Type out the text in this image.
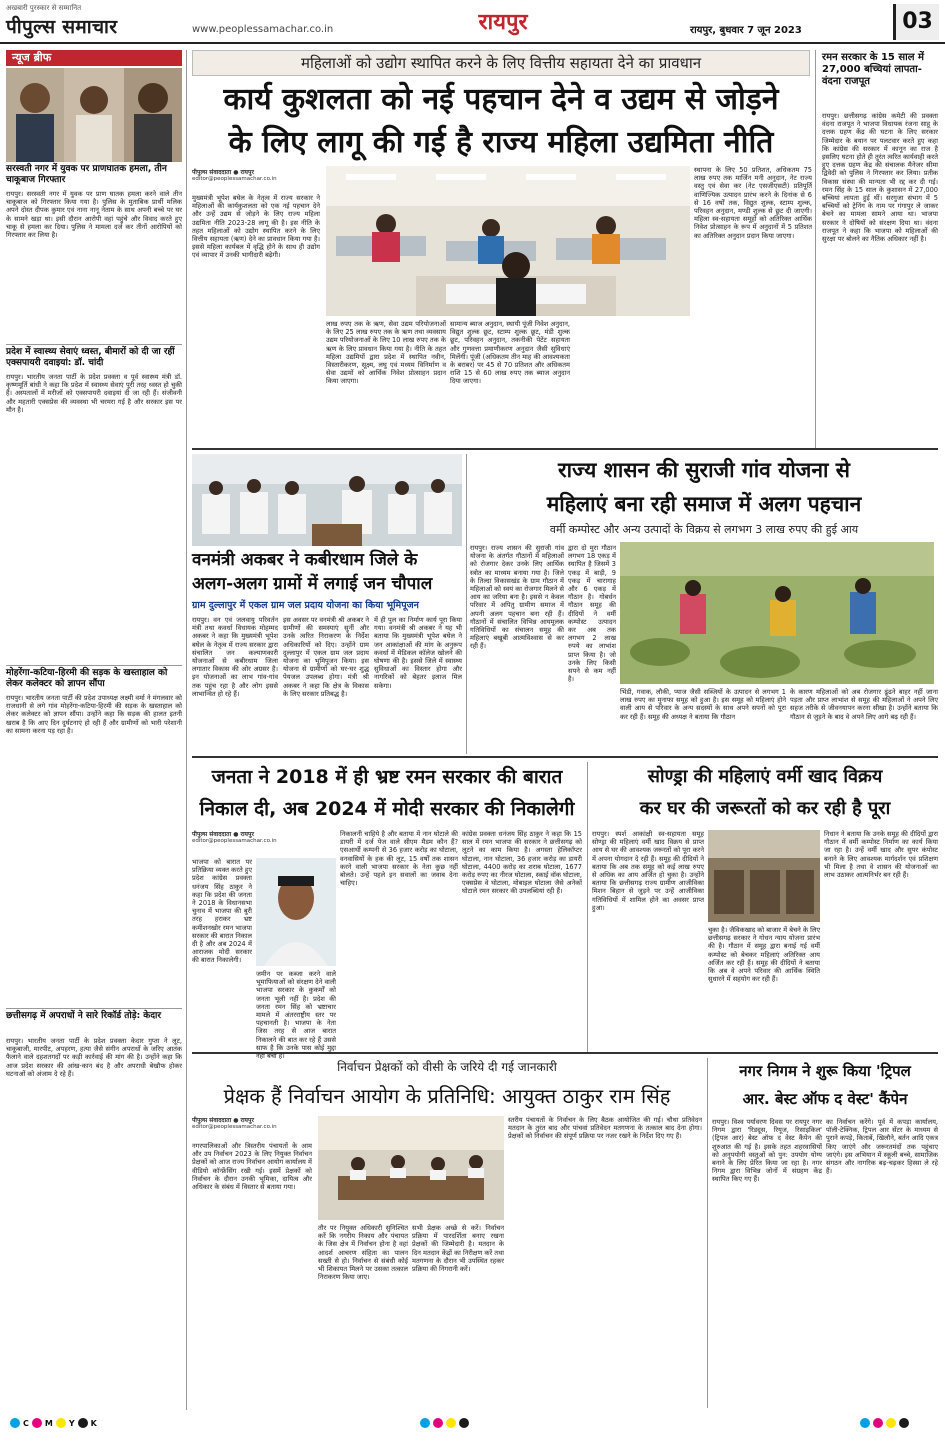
अखबारी पुरस्कार से सम्मानित
पीपुल्स समाचार	www.peoplessamachar.co.in	रायपुर	रायपुर, बुधवार 7 जून 2023	03
न्यूज ब्रीफ
सरस्वती नगर में युवक पर प्राणघातक हमला, तीन चाकूबाज गिरफ्तार
रायपुर। सरस्वती नगर में युवक पर प्राण घातक हमला करने वाले तीन चाकूबाज को गिरफ्तार किया गया है। पुलिस के मुताबिक प्रार्थी मलिक अपने दोस्त दीपक कुमार एवं नाना नानू नेताम के साथ अपनी बच्चे पर घर के सामने खड़ा था। इसी दौरान आरोपी वहां पहुंचे और विवाद करते हुए चाकू से हमला कर दिया। पुलिस ने मामला दर्ज कर तीनों आरोपियों को गिरफ्तार कर लिया है।
प्रदेश में स्वास्थ्य सेवाएं ध्वस्त, बीमारों को दी जा रहीं एक्सपायरी दवाइयां: डॉ. चांदी
रायपुर। भारतीय जनता पार्टी के प्रदेश प्रवक्ता व पूर्व स्वास्थ्य मंत्री डॉ. कृष्णमूर्ति बांधी ने कहा कि प्रदेश में स्वास्थ्य सेवाएं पूरी तरह ध्वस्त हो चुकी हैं। अस्पतालों में मरीजों को एक्सपायरी दवाइयां दी जा रही हैं। संजीवनी और महतारी एक्सप्रेस की व्यवस्था भी चरमरा गई है और सरकार इस पर मौन है।
मोहरेंगा-कटिया-हिरमी की सड़क के खस्ताहाल को लेकर कलेक्टर को ज्ञापन सौंपा
रायपुर। भारतीय जनता पार्टी की प्रदेश उपाध्यक्ष लक्ष्मी वर्मा ने मंगलवार को राजधानी से लगे गांव मोहरेंगा-कटिया-हिरमी की सड़क के खस्ताहाल को लेकर कलेक्टर को ज्ञापन सौंपा। उन्होंने कहा कि सड़क की हालत इतनी खराब है कि आए दिन दुर्घटनाएं हो रही हैं और ग्रामीणों को भारी परेशानी का सामना करना पड़ रहा है।
छत्तीसगढ़ में अपराधों ने सारे रिकॉर्ड तोड़े: केदार
रायपुर। भारतीय जनता पार्टी के प्रदेश प्रवक्ता केदार गुप्ता ने लूट, चाकूबाजी, मारपीट, अपहरण, हत्या जैसे संगीन अपराधों के जरिए आतंक फैलाने वाले दहशतगर्दों पर कड़ी कार्रवाई की मांग की है। उन्होंने कहा कि आज प्रदेश सरकार की आंख-कान बंद है और अपराधी बेखौफ होकर घटनाओं को अंजाम दे रहे हैं।
महिलाओं को उद्योग स्थापित करने के लिए वित्तीय सहायता देने का प्रावधान
कार्य कुशलता को नई पहचान देने व उद्यम से जोड़ने
के लिए लागू की गई है राज्य महिला उद्यमिता नीति
पीपुल्स संवाददाता ● रायपुर
editor@peoplessamachar.co.in
मुख्यमंत्री भूपेश बघेल के नेतृत्व में राज्य सरकार ने महिलाओं की कार्यकुशलता को एक नई पहचान देने और उन्हें उद्यम से जोड़ने के लिए राज्य महिला उद्यमिता नीति 2023-28 लागू की है। इस नीति के तहत महिलाओं को उद्योग स्थापित करने के लिए वित्तीय सहायता (ऋण) देने का प्रावधान किया गया है। इससे महिला कार्यबल में वृद्धि होने के साथ ही उद्योग एवं व्यापार में उनकी भागीदारी बढ़ेगी।
लाख रुपए तक के ऋण, सेवा उद्यम परियोजनाओं के लिए 25 लाख रुपए तक के ऋण तथा व्यवसाय उद्यम परियोजनाओं के लिए 10 लाख रुपए तक के ऋण के लिए प्रावधान किया गया है। नीति के तहत महिला उद्यमियों द्वारा प्रदेश में स्थापित नवीन, विस्तारीकरण, सूक्ष्म, लघु एवं मध्यम विनिर्माण व सेवा उद्यमों को आर्थिक निवेश प्रोत्साहन प्रदान किया जाएगा।
सामान्य ब्याज अनुदान, स्थायी पूंजी निवेश अनुदान, विद्युत शुल्क छूट, स्टाम्प शुल्क छूट, मंडी शुल्क छूट, परिवहन अनुदान, तकनीकी पेटेंट सहायता और गुणवत्ता प्रमाणीकरण अनुदान जैसी सुविधाएं मिलेंगी। पूंजी (अधिकतम तीन माह की आवश्यकता के बराबर) पर 45 से 70 प्रतिशत और अधिकतम राशि 15 से 60 लाख रुपए तक ब्याज अनुदान दिया जाएगा।
स्थापना के लिए 50 प्रतिशत, अधिकतम 75 लाख रुपए तक मार्जिन मनी अनुदान, नेट राज्य वस्तु एवं सेवा कर (नेट एसजीएसटी) प्रतिपूर्ति वाणिज्यिक उत्पादन प्रारंभ करने के दिनांक से 6 से 16 वर्षों तक, विद्युत शुल्क, स्टाम्प शुल्क, परिवहन अनुदान, मण्डी शुल्क से छूट दी जाएगी। महिला स्व-सहायता समूहों को अतिरिक्त आर्थिक निवेश प्रोत्साहन के रूप में अनुदानों में 5 प्रतिशत का अतिरिक्त अनुदान प्रदान किया जाएगा।
रमन सरकार के 15 साल में 27,000 बच्चियां लापता-वंदना राजपूत
रायपुर। छत्तीसगढ़ कांग्रेस कमेटी की प्रवक्ता वंदना राजपूत ने भाजपा विधायक रंजना साहू के दत्तक ग्रहण केंद्र की घटना के लिए सरकार जिम्मेदार के बयान पर पलटवार करते हुए कहा कि कांग्रेस की सरकार में कानून का राज है इसलिए घटना होते ही तुरंत त्वरित कार्यवाही करते हुए दत्तक ग्रहण केंद्र की संचालक मैनेजर सीमा द्विवेदी को पुलिस ने गिरफ्तार कर लिया। प्रतीक विकास संस्था की मान्यता भी रद्द कर दी गई। रमन सिंह के 15 साल के कुशासन में 27,000 बच्चियां लापता हुई थीं। सरगुजा संभाग में 5 बच्चियों को ट्रेनिंग के नाम पर गंगापुर ले जाकर बेचने का मामला सामने आया था। भाजपा सरकार ने दोषियों को संरक्षण दिया था। वंदना राजपूत ने कहा कि भाजपा को महिलाओं की सुरक्षा पर बोलने का नैतिक अधिकार नहीं है।
वनमंत्री अकबर ने कबीरधाम जिले के
अलग-अलग ग्रामों में लगाई जन चौपाल
ग्राम दुल्लापुर में एकल ग्राम जल प्रदाय योजना का किया भूमिपूजन
रायपुर। वन एवं जलवायु परिवर्तन मंत्री तथा कवर्धा विधायक मोहम्मद अकबर ने कहा कि मुख्यमंत्री भूपेश बघेल के नेतृत्व में राज्य सरकार द्वारा संचालित जन कल्याणकारी योजनाओं से कबीरधाम जिला लगातार विकास की ओर अग्रसर है। इन योजनाओं का लाभ गांव-गांव तक पहुंच रहा है और लोग इससे लाभान्वित हो रहे हैं।
इस अवसर पर वनमंत्री श्री अकबर ने ग्रामीणों की समस्याएं सुनीं और उनके त्वरित निराकरण के निर्देश अधिकारियों को दिए। उन्होंने ग्राम दुल्लापुर में एकल ग्राम जल प्रदाय योजना का भूमिपूजन किया। इस योजना से ग्रामीणों को घर-घर शुद्ध पेयजल उपलब्ध होगा। मंत्री श्री अकबर ने कहा कि क्षेत्र के विकास के लिए सरकार प्रतिबद्ध है।
में ही पुल का निर्माण कार्य पूरा किया गया। वनमंत्री श्री अकबर ने यह भी बताया कि मुख्यमंत्री भूपेश बघेल ने जन आकांक्षाओं की मांग के अनुरूप कवर्धा में मेडिकल कॉलेज खोलने की घोषणा की है। इससे जिले में स्वास्थ्य सुविधाओं का विस्तार होगा और नागरिकों को बेहतर इलाज मिल सकेगा।
राज्य शासन की सुराजी गांव योजना से
महिलाएं बना रही समाज में अलग पहचान
वर्मी कम्पोस्ट और अन्य उत्पादों के विक्रय से लगभग 3 लाख रुपए की हुई आय
रायपुर। राज्य शासन की सुराजी गांव योजना के अंतर्गत गौठानों में महिलाओं को रोजगार देकर उनके लिए आर्थिक स्त्रोत का माध्यम बनाया गया है। जिले के तिल्दा विकासखंड के ग्राम गौठान में महिलाओं को स्वयं का रोजगार मिलने से आय का जरिया बना है। इससे न केवल परिवार में अपितु ग्रामीण समाज में अपनी अलग पहचान बना रही हैं। गौठानों में संचालित विभिन्न आयमूलक गतिविधियों का संचालन समूह की महिलाएं बखूबी आत्मविश्वास से कर रही हैं।
द्वारा दो मुरा गौठान लगभग 18 एकड़ में स्थापित है जिसमें 3 एकड़ में बाड़ी, 9 एकड़ में चारागाह और 6 एकड़ में गौठान है। गोबर्धन गौठान समूह की दीदियों ने वर्मी कम्पोस्ट उत्पादन कर अब तक लगभग 2 लाख रुपये का लाभांश प्राप्त किया है। जो उनके लिए किसी सपने से कम नहीं है।
भिंडी, गवाक, लौकी, प्याज जैसी सब्जियों के उत्पादन से लगभग 1 लाख रुपए का मुनाफा समूह को हुआ है। इस समूह को महिलाएं होने वाली आय से परिवार के अन्य सदस्यों के साथ अपने सपनों को पूरा कर रही हैं। समूह की अध्यक्ष ने बताया कि गौठान
के कारण महिलाओं को अब रोजगार ढूंढने बाहर नहीं जाना पड़ता और प्राप्त लाभांश से समूह की महिलाओं ने अपने लिए सहज तरीके से जीवनयापन करना सीखा है। उन्होंने बताया कि गौठान से जुड़ने के बाद वे अपने लिए आगे बढ़ रही हैं।
जनता ने 2018 में ही भ्रष्ट रमन सरकार की बारात
निकाल दी, अब 2024 में मोदी सरकार की निकालेगी
पीपुल्स संवाददाता ● रायपुर
editor@peoplessamachar.co.in
भाजपा को बारात पर प्रतिक्रिया व्यक्त करते हुए प्रदेश कांग्रेस प्रवक्ता धनंजय सिंह ठाकुर ने कहा कि प्रदेश की जनता ने 2018 के विधानसभा चुनाव में भाजपा की बुरी तरह हराकर भ्रष्ट कमीशनखोर रमन भाजपा सरकार की बारात निकाल दी है और अब 2024 में आराजक मोदी सरकार की बारात निकालेगी।
जमीन पर कब्जा करने वाले भूमाफियाओं को संरक्षण देने वाली भाजपा सरकार के कुकर्मों को जनता भूली नहीं है। प्रदेश की जनता रमन सिंह को भ्रष्टाचार मामले में अंतरराष्ट्रीय स्तर पर पहचानती है। भाजपा के नेता जिस तरह से आज बारात निकालने की बात कर रहे हैं उससे साफ है कि उनके पास कोई मुद्दा नहीं बचा है।
निकालनी चाहिये है और बताया में नान घोटाले की डायरी में दर्ज पेज वाले सीएम मैडम कौन हैं? एसआर्थी कम्पनी से 36 हजार करोड़ का घोटाला, वनवासियों के हक की लूट, 15 वर्षों तक शासन करने वाली भाजपा सरकार के नेता कुछ नहीं बोलते। उन्हें पहले इन सवालों का जवाब देना चाहिए।
कांग्रेस प्रवक्ता धनंजय सिंह ठाकुर ने कहा कि 15 साल में रमन भाजपा की सरकार ने छत्तीसगढ़ को लूटने का काम किया है। अगस्ता हेलिकॉप्टर घोटाला, नान घोटाला, 36 हजार करोड़ का डायरी घोटाला, 4400 करोड़ का शराब घोटाला, 1677 करोड़ रुपए का नीरज घोटाला, स्काई वॉक घोटाला, एक्सप्रेस वे घोटाला, मोबाइल घोटाला जैसे अनेकों घोटाले रमन सरकार की उपलब्धियां रही हैं।
सोण्ड्रा की महिलाएं वर्मी खाद विक्रय
कर घर की जरूरतों को कर रही है पूरा
रायपुर। स्पर्श आकांक्षी स्व-सहायता समूह सोण्ड्रा की महिलाएं वर्मी खाद विक्रय से प्राप्त आय से घर की आवश्यक जरूरतों को पूरा करने में अपना योगदान दे रही हैं। समूह की दीदियों ने बताया कि अब तक समूह को कई लाख रुपए से अधिक का आय अर्जित हो चुका है। उन्होंने बताया कि छत्तीसगढ़ राज्य ग्रामीण आजीविका मिशन बिहान से जुड़ने पर उन्हें आजीविका गतिविधियों में शामिल होने का अवसर प्राप्त हुआ।
चुका है। जैविकखाद को बाजार में बेचने के लिए छत्तीसगढ़ सरकार ने गोधन न्याय योजना प्रारंभ की है। गौठान में समूह द्वारा बनाई गई वर्मी कम्पोस्ट को बेचकर महिलाएं अतिरिक्त आय अर्जित कर रही हैं। समूह की दीदियों ने बताया कि अब वे अपने परिवार की आर्थिक स्थिति सुधारने में सहयोग कर रही हैं।
निधान ने बताया कि उनके समूह की दीदियों द्वारा गौठान में वर्मी कम्पोस्ट निर्माण का कार्य किया जा रहा है। उन्हें वर्मी खाद और सुपर कंपोस्ट बनाने के लिए आवश्यक मार्गदर्शन एवं प्रशिक्षण भी मिला है तथा वे शासन की योजनाओं का लाभ उठाकर आत्मनिर्भर बन रही हैं।
निर्वाचन प्रेक्षकों को वीसी के जरिये दी गई जानकारी
प्रेक्षक हैं निर्वाचन आयोग के प्रतिनिधि: आयुक्त ठाकुर राम सिंह
पीपुल्स संवाददाता ● रायपुर
editor@peoplessamachar.co.in
नगरपालिकाओं और त्रिस्तरीय पंचायतों के आम और उप निर्वाचन 2023 के लिए नियुक्त निर्वाचन प्रेक्षकों को आज राज्य निर्वाचन आयोग कार्यालय में वीडियो कॉन्फ्रेंसिंग रखी गई। इसमें प्रेक्षकों को निर्वाचन के दौरान उनकी भूमिका, दायित्व और अधिकार के संबंध में विस्तार से बताया गया।
तौर पर नियुक्त अधिकारी सुनिश्चित करें कि नगरीय निकाय और पंचायत के जिस क्षेत्र में निर्वाचन होना है वहां आदर्श आचरण संहिता का पालन सख्ती से हो। निर्वाचन से संबंधी कोई भी शिकायत मिलने पर उसका तत्काल निराकरण किया जाए।
सभी प्रेक्षक अच्छे से करें। निर्वाचन प्रक्रिया में पारदर्शिता बनाए रखना प्रेक्षकों की जिम्मेदारी है। मतदान के दिन मतदान केंद्रों का निरीक्षण करें तथा मतगणना के दौरान भी उपस्थित रहकर प्रक्रिया की निगरानी करें।
स्तरीय पंचायतों के निर्वाचन के लिए बैठक आयोजित की गई। चौथा प्रतिवेदन मतदान के तुरंत बाद और पांचवां प्रतिवेदन मतगणना के तत्काल बाद देना होगा। प्रेक्षकों को निर्वाचन की संपूर्ण प्रक्रिया पर नजर रखने के निर्देश दिए गए हैं।
नगर निगम ने शुरू किया 'ट्रिपल
आर. बेस्ट ऑफ द वेस्ट' कैंपेन
रायपुर। विश्व पर्यावरण दिवस पर रायपुर नगर निगम द्वारा 'रिड्यूस, रियूज, रिसाइकिल' (ट्रिपल आर) बेस्ट ऑफ द वेस्ट कैंपेन की शुरुआत की गई है। इसके तहत शहरवासियों को अनुपयोगी वस्तुओं को पुन: उपयोग योग्य बनाने के लिए प्रेरित किया जा रहा है। नगर निगम द्वारा विभिन्न जोनों में संग्रहण केंद्र स्थापित किए गए हैं।
का निर्वाचन करेंगे। पूर्व में कपड़ा कार्यालय, पॉली-टेक्निक, ट्रिपल आर सेंटर के माध्यम से पुराने कपड़े, किताबें, खिलौने, बर्तन आदि एकत्र किए जाएंगे और जरूरतमंदों तक पहुंचाए जाएंगे। इस अभियान में स्कूली बच्चे, सामाजिक संगठन और नागरिक बढ़-चढ़कर हिस्सा ले रहे हैं।
C M Y K
